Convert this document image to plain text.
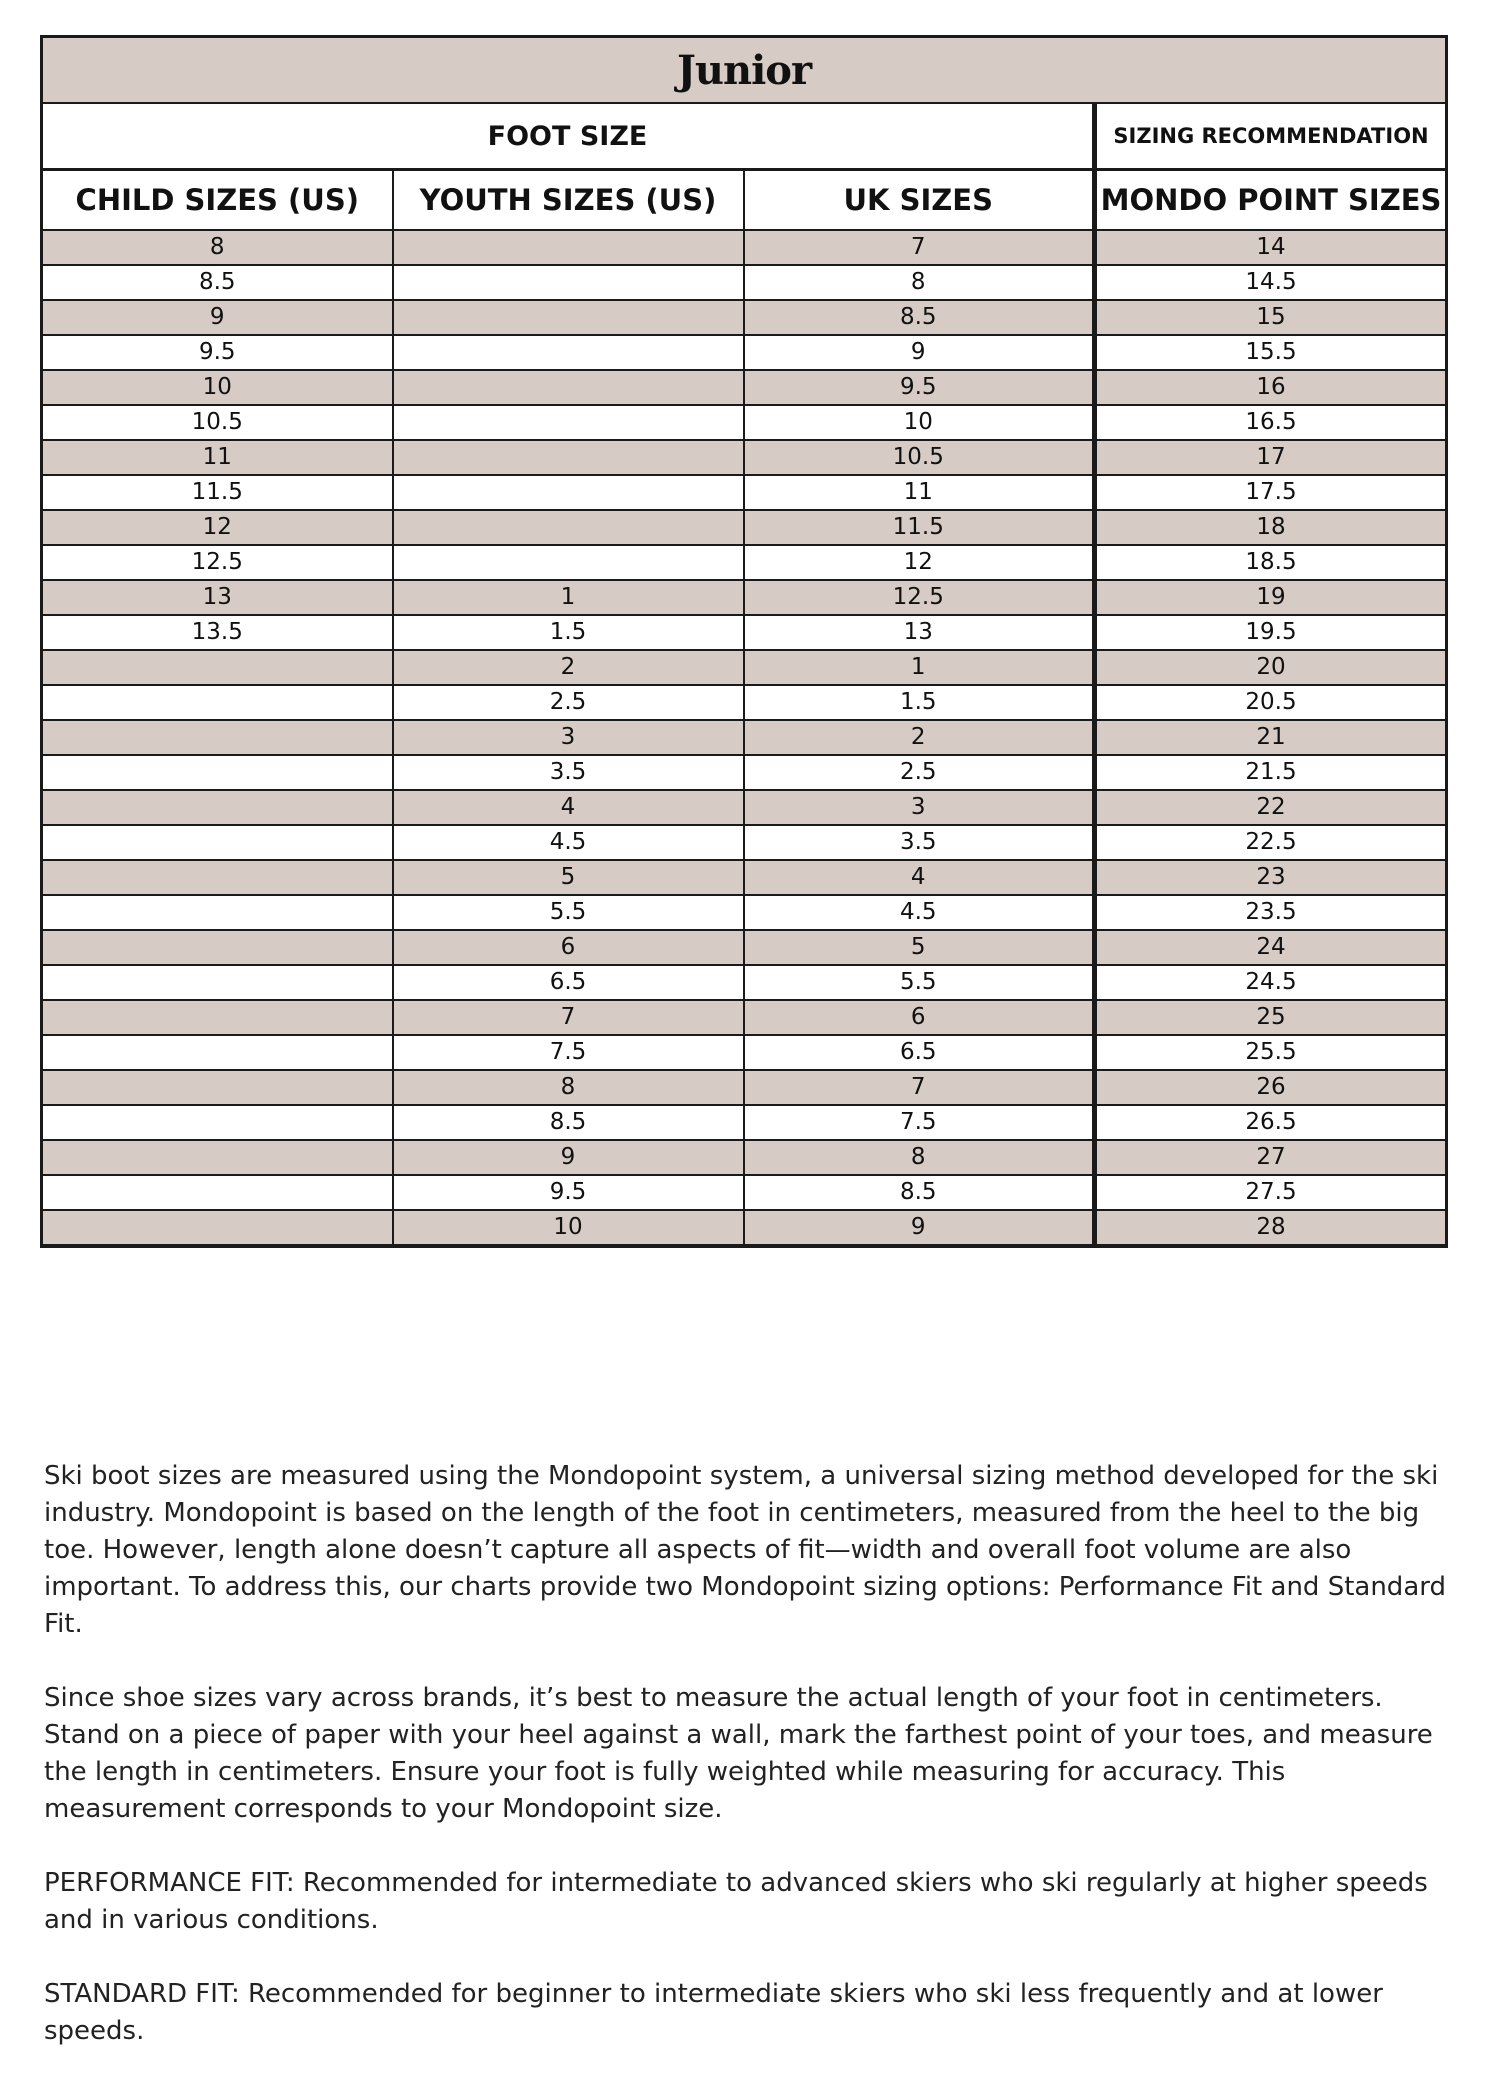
Junior			
FOOT SIZE			SIZING RECOMMENDATION
CHILD SIZES (US)	YOUTH SIZES (US)	UK SIZES	MONDO POINT SIZES
8		7	14
8.5		8	14.5
9		8.5	15
9.5		9	15.5
10		9.5	16
10.5		10	16.5
11		10.5	17
11.5		11	17.5
12		11.5	18
12.5		12	18.5
13	1	12.5	19
13.5	1.5	13	19.5
	2	1	20
	2.5	1.5	20.5
	3	2	21
	3.5	2.5	21.5
	4	3	22
	4.5	3.5	22.5
	5	4	23
	5.5	4.5	23.5
	6	5	24
	6.5	5.5	24.5
	7	6	25
	7.5	6.5	25.5
	8	7	26
	8.5	7.5	26.5
	9	8	27
	9.5	8.5	27.5
	10	9	28

Ski boot sizes are measured using the Mondopoint system, a universal sizing method developed for the ski industry. Mondopoint is based on the length of the foot in centimeters, measured from the heel to the big toe. However, length alone doesn’t capture all aspects of fit—width and overall foot volume are also important. To address this, our charts provide two Mondopoint sizing options: Performance Fit and Standard Fit.

Since shoe sizes vary across brands, it’s best to measure the actual length of your foot in centimeters. Stand on a piece of paper with your heel against a wall, mark the farthest point of your toes, and measure the length in centimeters. Ensure your foot is fully weighted while measuring for accuracy. This measurement corresponds to your Mondopoint size.

PERFORMANCE FIT: Recommended for intermediate to advanced skiers who ski regularly at higher speeds and in various conditions.

STANDARD FIT: Recommended for beginner to intermediate skiers who ski less frequently and at lower speeds.
